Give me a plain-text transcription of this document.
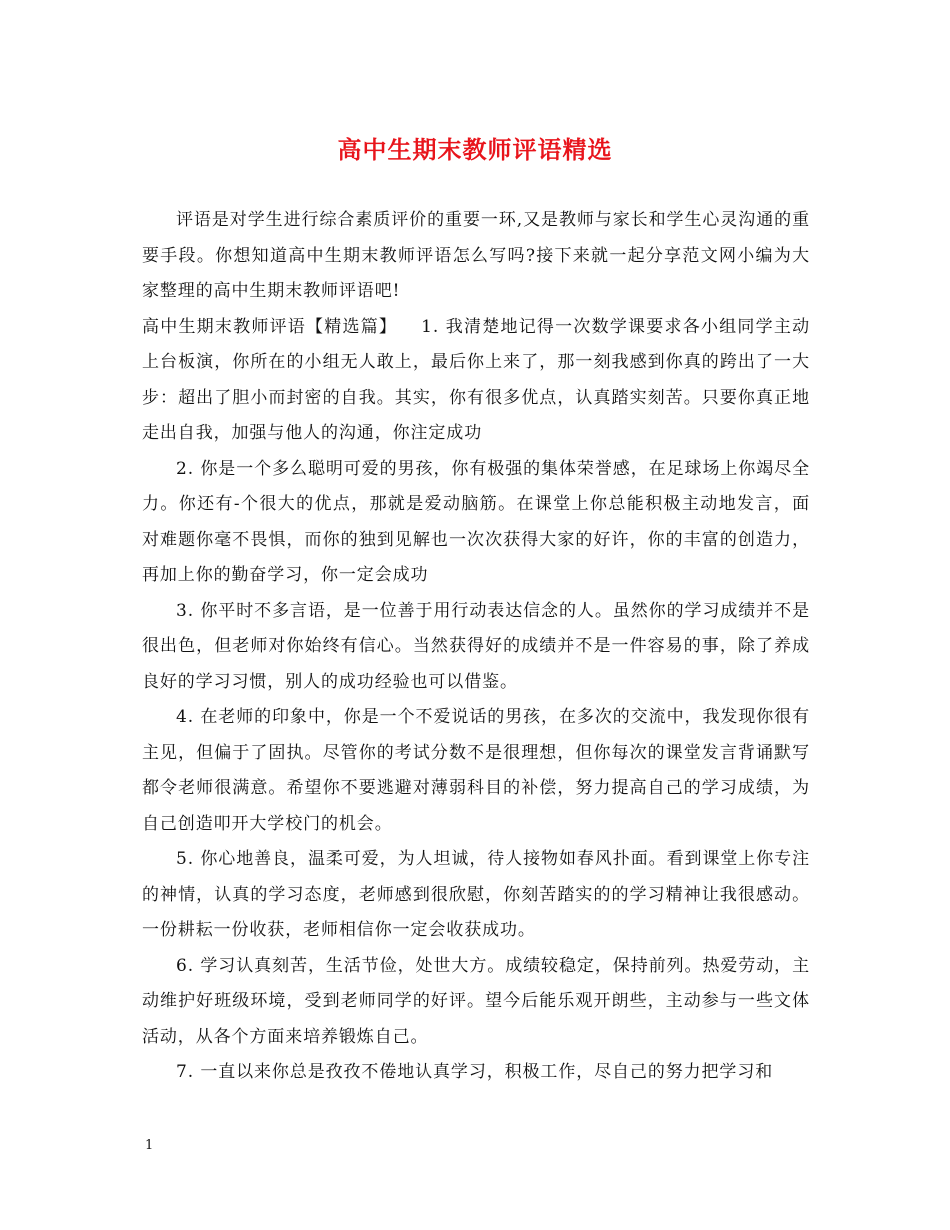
高中生期末教师评语精选

评语是对学生进行综合素质评价的重要一环,又是教师与家长和学生心灵沟通的重要手段。你想知道高中生期末教师评语怎么写吗?接下来就一起分享范文网小编为大家整理的高中生期末教师评语吧!

高中生期末教师评语【精选篇】 1. 我清楚地记得一次数学课要求各小组同学主动上台板演，你所在的小组无人敢上，最后你上来了，那一刻我感到你真的跨出了一大步：超出了胆小而封密的自我。其实，你有很多优点，认真踏实刻苦。只要你真正地走出自我，加强与他人的沟通，你注定成功

2. 你是一个多么聪明可爱的男孩，你有极强的集体荣誉感，在足球场上你竭尽全力。你还有-个很大的优点，那就是爱动脑筋。在课堂上你总能积极主动地发言，面对难题你毫不畏惧，而你的独到见解也一次次获得大家的好许，你的丰富的创造力，再加上你的勤奋学习，你一定会成功

3. 你平时不多言语，是一位善于用行动表达信念的人。虽然你的学习成绩并不是很出色，但老师对你始终有信心。当然获得好的成绩并不是一件容易的事，除了养成良好的学习习惯，别人的成功经验也可以借鉴。

4. 在老师的印象中，你是一个不爱说话的男孩，在多次的交流中，我发现你很有主见，但偏于了固执。尽管你的考试分数不是很理想，但你每次的课堂发言背诵默写都令老师很满意。希望你不要逃避对薄弱科目的补偿，努力提高自己的学习成绩，为自己创造叩开大学校门的机会。

5. 你心地善良，温柔可爱，为人坦诚，待人接物如春风扑面。看到课堂上你专注的神情，认真的学习态度，老师感到很欣慰，你刻苦踏实的的学习精神让我很感动。一份耕耘一份收获，老师相信你一定会收获成功。

6. 学习认真刻苦，生活节俭，处世大方。成绩较稳定，保持前列。热爱劳动，主动维护好班级环境，受到老师同学的好评。望今后能乐观开朗些，主动参与一些文体活动，从各个方面来培养锻炼自己。

7. 一直以来你总是孜孜不倦地认真学习，积极工作，尽自己的努力把学习和

1
